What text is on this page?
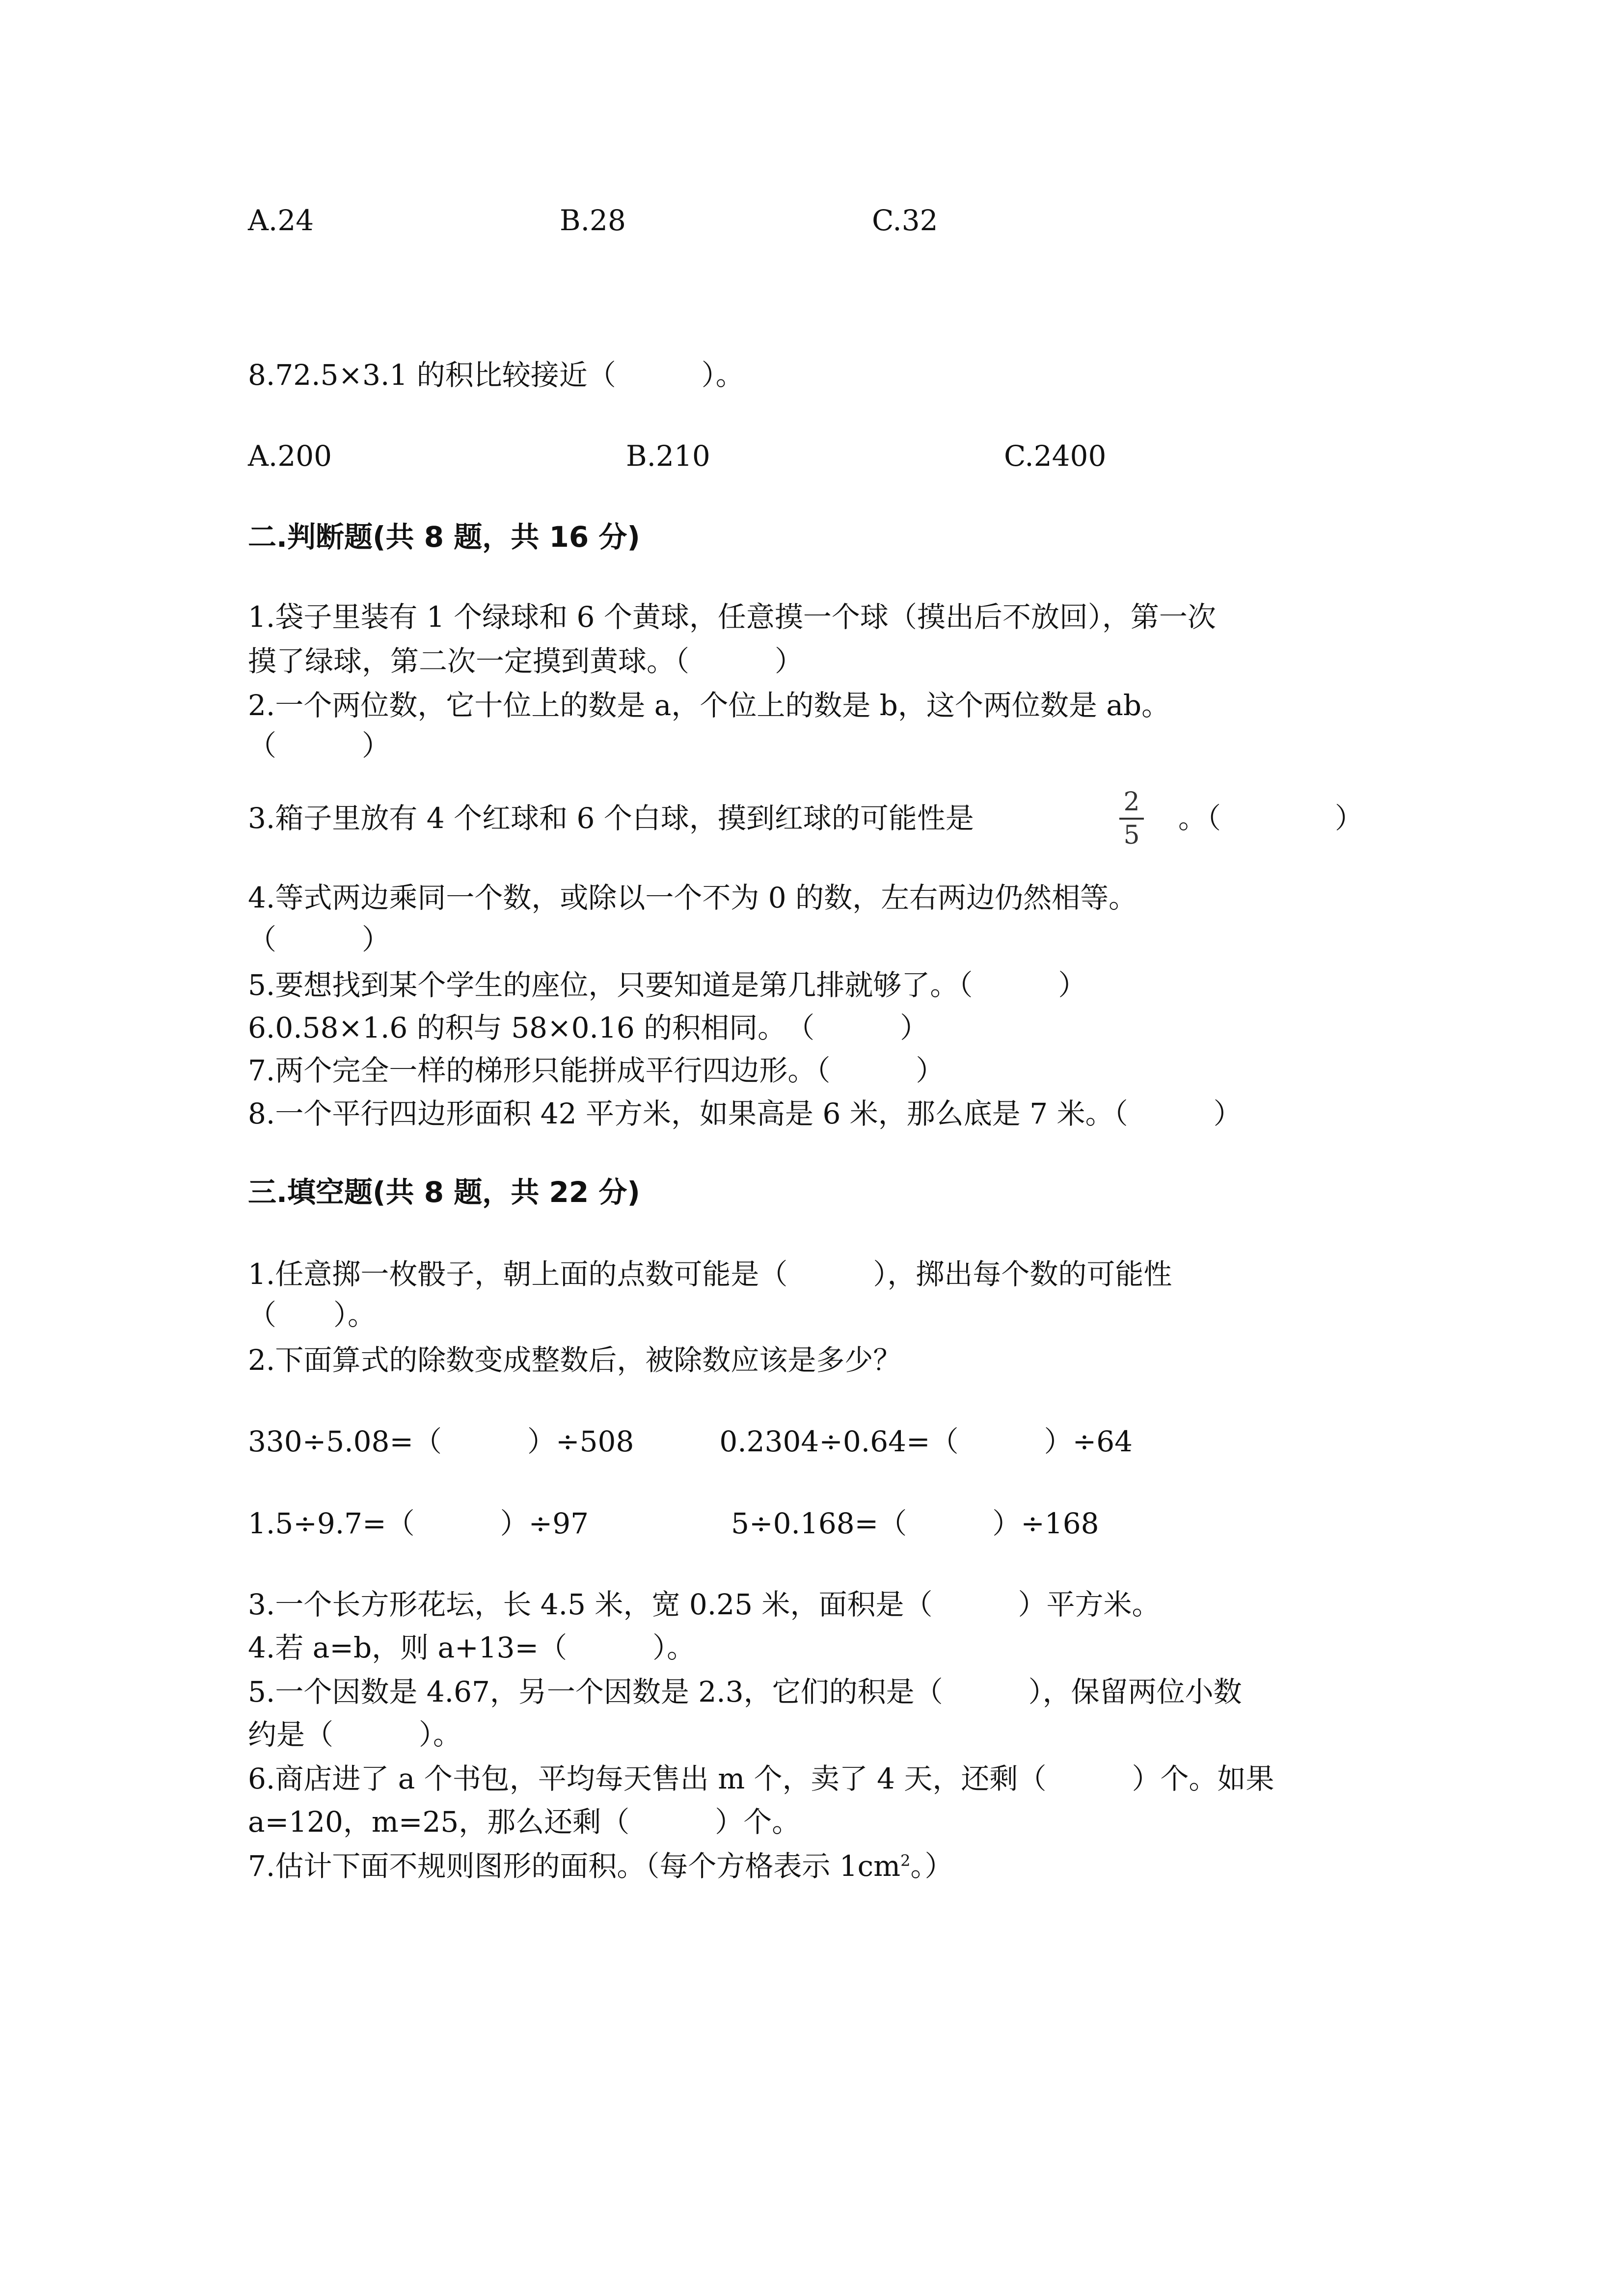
A.24	B.28	C.32
8.72.5×3.1 的积比较接近（　　　）。
A.200	B.210	C.2400
二.判断题(共 8 题，共 16 分)
1.袋子里装有 1 个绿球和 6 个黄球，任意摸一个球（摸出后不放回），第一次
摸了绿球，第二次一定摸到黄球。（　　　）
2.一个两位数，它十位上的数是 a，个位上的数是 b，这个两位数是 ab。
（　　　）
3.箱子里放有 4 个红球和 6 个白球，摸到红球的可能性是	2
5
。（　　　　）
4.等式两边乘同一个数，或除以一个不为 0 的数，左右两边仍然相等。
（　　　）
5.要想找到某个学生的座位，只要知道是第几排就够了。（　　　）
6.0.58×1.6 的积与 58×0.16 的积相同。　（　　　）
7.两个完全一样的梯形只能拼成平行四边形。（　　　）
8.一个平行四边形面积 42 平方米，如果高是 6 米，那么底是 7 米。（　　　）
三.填空题(共 8 题，共 22 分)
1.任意掷一枚骰子，朝上面的点数可能是（　　　），掷出每个数的可能性
（　　）。
2.下面算式的除数变成整数后，被除数应该是多少？
330÷5.08=（　　　）÷508　　　0.2304÷0.64=（　　　）÷64
1.5÷9.7=（　　　）÷97　　　　　5÷0.168=（　　　）÷168
3.一个长方形花坛，长 4.5 米，宽 0.25 米，面积是（　　　）平方米。
4.若 a=b，则 a+13=（　　　）。
5.一个因数是 4.67，另一个因数是 2.3，它们的积是（　　　），保留两位小数
约是（　　　）。
6.商店进了 a 个书包，平均每天售出 m 个，卖了 4 天，还剩（　　　）个。如果
a=120，m=25，那么还剩（　　　）个。
7.估计下面不规则图形的面积。（每个方格表示 $1cm^2$。）
